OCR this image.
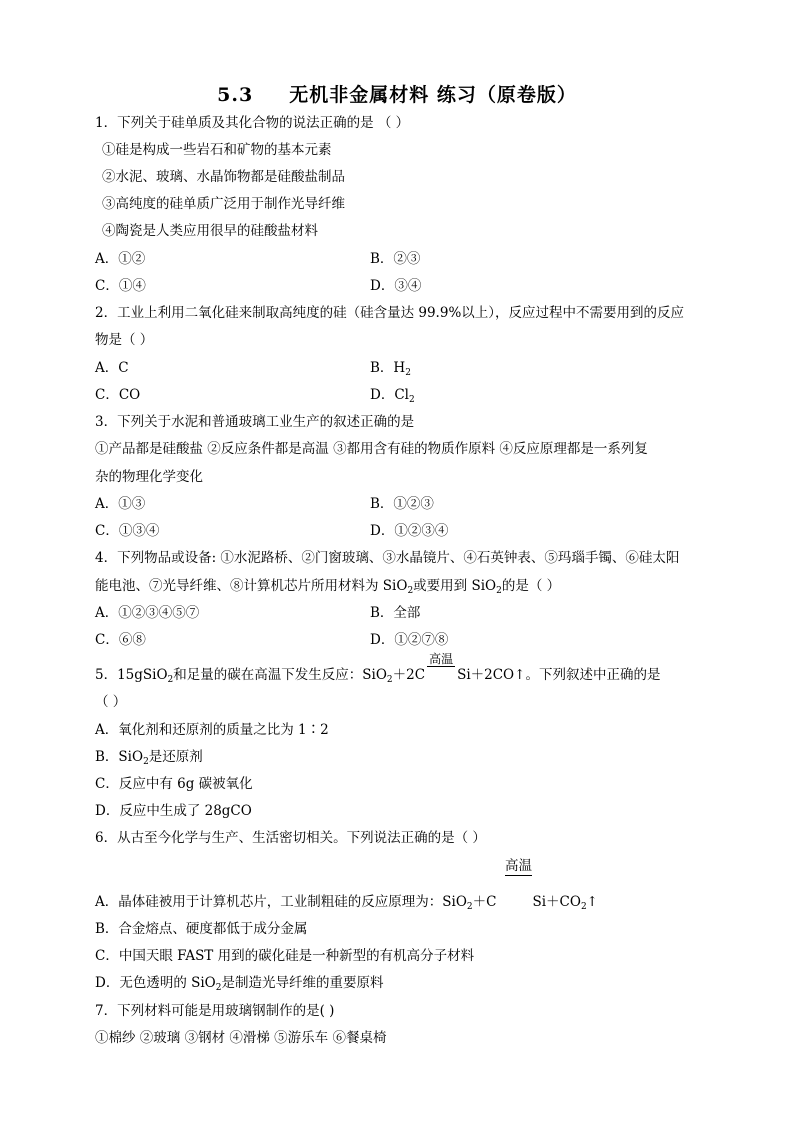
5.3 无机非金属材料 练习（原卷版）
1．下列关于硅单质及其化合物的说法正确的是 （ ）
①硅是构成一些岩石和矿物的基本元素
②水泥、玻璃、水晶饰物都是硅酸盐制品
③高纯度的硅单质广泛用于制作光导纤维
④陶瓷是人类应用很早的硅酸盐材料
A．①②	B．②③
C．①④	D．③④
2．工业上利用二氧化硅来制取高纯度的硅（硅含量达 99.9%以上），反应过程中不需要用到的反应
物是（ ）
A．C	B．$H_2$
C．CO	D．$Cl_2$
3．下列关于水泥和普通玻璃工业生产的叙述正确的是
①产品都是硅酸盐 ②反应条件都是高温 ③都用含有硅的物质作原料 ④反应原理都是一系列复
杂的物理化学变化
A．①③	B．①②③
C．①③④	D．①②③④
4．下列物品或设备: ①水泥路桥、②门窗玻璃、③水晶镜片、④石英钟表、⑤玛瑙手镯、⑥硅太阳
能电池、⑦光导纤维、⑧计算机芯片所用材料为 SiO$_2$或要用到 SiO$_2$的是（ ）
A．①②③④⑤⑦	B．全部
C．⑥⑧	D．①②⑦⑧
5．15gSiO$_2$和足量的碳在高温下发生反应：SiO$_2$＋2C
高温
Si＋2CO↑。下列叙述中正确的是
（ ）
A．氧化剂和还原剂的质量之比为 1∶2
B．SiO$_2$是还原剂
C．反应中有 6g 碳被氧化
D．反应中生成了 28gCO
6．从古至今化学与生产、生活密切相关。下列说法正确的是（ ）
高温
A．晶体硅被用于计算机芯片，工业制粗硅的反应原理为：SiO$_2$＋C	$Si+CO_2↑$
B．合金熔点、硬度都低于成分金属
C．中国天眼 FAST 用到的碳化硅是一种新型的有机高分子材料
D．无色透明的 SiO$_2$是制造光导纤维的重要原料
7．下列材料可能是用玻璃钢制作的是( )
①棉纱 ②玻璃 ③钢材 ④滑梯 ⑤游乐车 ⑥餐桌椅
